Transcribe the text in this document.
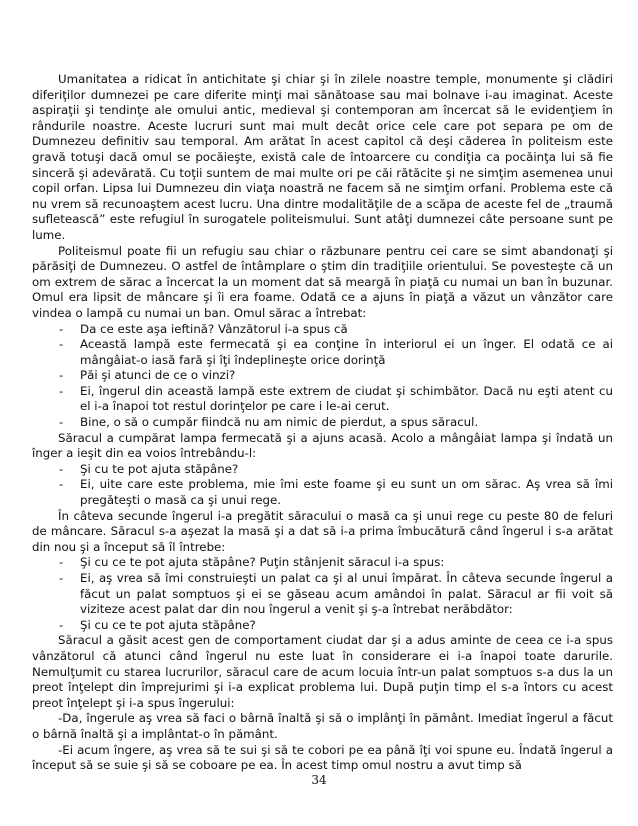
Umanitatea a ridicat în antichitate şi chiar şi în zilele noastre temple, monumente şi clădiri diferiţilor dumnezei pe care diferite minţi mai sănătoase sau mai bolnave i-au imaginat. Aceste aspiraţii şi tendinţe ale omului antic, medieval şi contemporan am încercat să le evidenţiem în rândurile noastre. Aceste lucruri sunt mai mult decât orice cele care pot separa pe om de Dumnezeu definitiv sau temporal. Am arătat în acest capitol că deşi căderea în politeism este gravă totuşi dacă omul se pocăieşte, există cale de întoarcere cu condiţia ca pocăinţa lui să fie sinceră şi adevărată. Cu toţii suntem de mai multe ori pe căi rătăcite şi ne simţim asemenea unui copil orfan. Lipsa lui Dumnezeu din viaţa noastră ne facem să ne simţim orfani. Problema este că nu vrem să recunoaştem acest lucru. Una dintre modalităţile de a scăpa de aceste fel de „traumă sufletească” este refugiul în surogatele politeismului. Sunt atâţi dumnezei câte persoane sunt pe lume.

Politeismul poate fii un refugiu sau chiar o răzbunare pentru cei care se simt abandonaţi şi părăsiţi de Dumnezeu. O astfel de întâmplare o ştim din tradiţiile orientului. Se povesteşte că un om extrem de sărac a încercat la un moment dat să meargă în piaţă cu numai un ban în buzunar. Omul era lipsit de mâncare şi îi era foame. Odată ce a ajuns în piaţă a văzut un vânzător care vindea o lampă cu numai un ban. Omul sărac a întrebat:

- Da ce este aşa ieftină? Vânzătorul i-a spus că

- Această lampă este fermecată şi ea conţine în interiorul ei un înger. El odată ce ai mângâiat-o iasă fară şi îţi îndeplineşte orice dorinţă

- Păi şi atunci de ce o vinzi?

- Ei, îngerul din această lampă este extrem de ciudat şi schimbător. Dacă nu eşti atent cu el i-a înapoi tot restul dorinţelor pe care i le-ai cerut.

- Bine, o să o cumpăr fiindcă nu am nimic de pierdut, a spus săracul.

Săracul a cumpărat lampa fermecată şi a ajuns acasă. Acolo a mângâiat lampa şi îndată un înger a ieşit din ea voios întrebându-l:

- Şi cu te pot ajuta stăpâne?

- Ei, uite care este problema, mie îmi este foame şi eu sunt un om sărac. Aş vrea să îmi pregăteşti o masă ca şi unui rege.

În câteva secunde îngerul i-a pregătit săracului o masă ca şi unui rege cu peste 80 de feluri de mâncare. Săracul s-a aşezat la masă şi a dat să i-a prima îmbucătură când îngerul i s-a arătat din nou şi a început să îl întrebe:

- Şi cu ce te pot ajuta stăpâne? Puţin stânjenit săracul i-a spus:

- Ei, aş vrea să îmi construieşti un palat ca şi al unui împărat. În câteva secunde îngerul a făcut un palat somptuos şi ei se găseau acum amândoi în palat. Săracul ar fii voit să viziteze acest palat dar din nou îngerul a venit şi ş-a întrebat nerăbdător:

- Şi cu ce te pot ajuta stăpâne?

Săracul a găsit acest gen de comportament ciudat dar şi a adus aminte de ceea ce i-a spus vânzătorul că atunci când îngerul nu este luat în considerare ei i-a înapoi toate darurile. Nemulţumit cu starea lucrurilor, săracul care de acum locuia într-un palat somptuos s-a dus la un preot înţelept din împrejurimi şi i-a explicat problema lui. După puţin timp el s-a întors cu acest preot înţelept şi i-a spus îngerului:

-Da, îngerule aş vrea să faci o bârnă înaltă şi să o implânţi în pământ. Imediat îngerul a făcut o bârnă înaltă şi a implântat-o în pământ.

-Ei acum îngere, aş vrea să te sui şi să te cobori pe ea până îţi voi spune eu. Îndată îngerul a început să se suie şi să se coboare pe ea. În acest timp omul nostru a avut timp să

34
